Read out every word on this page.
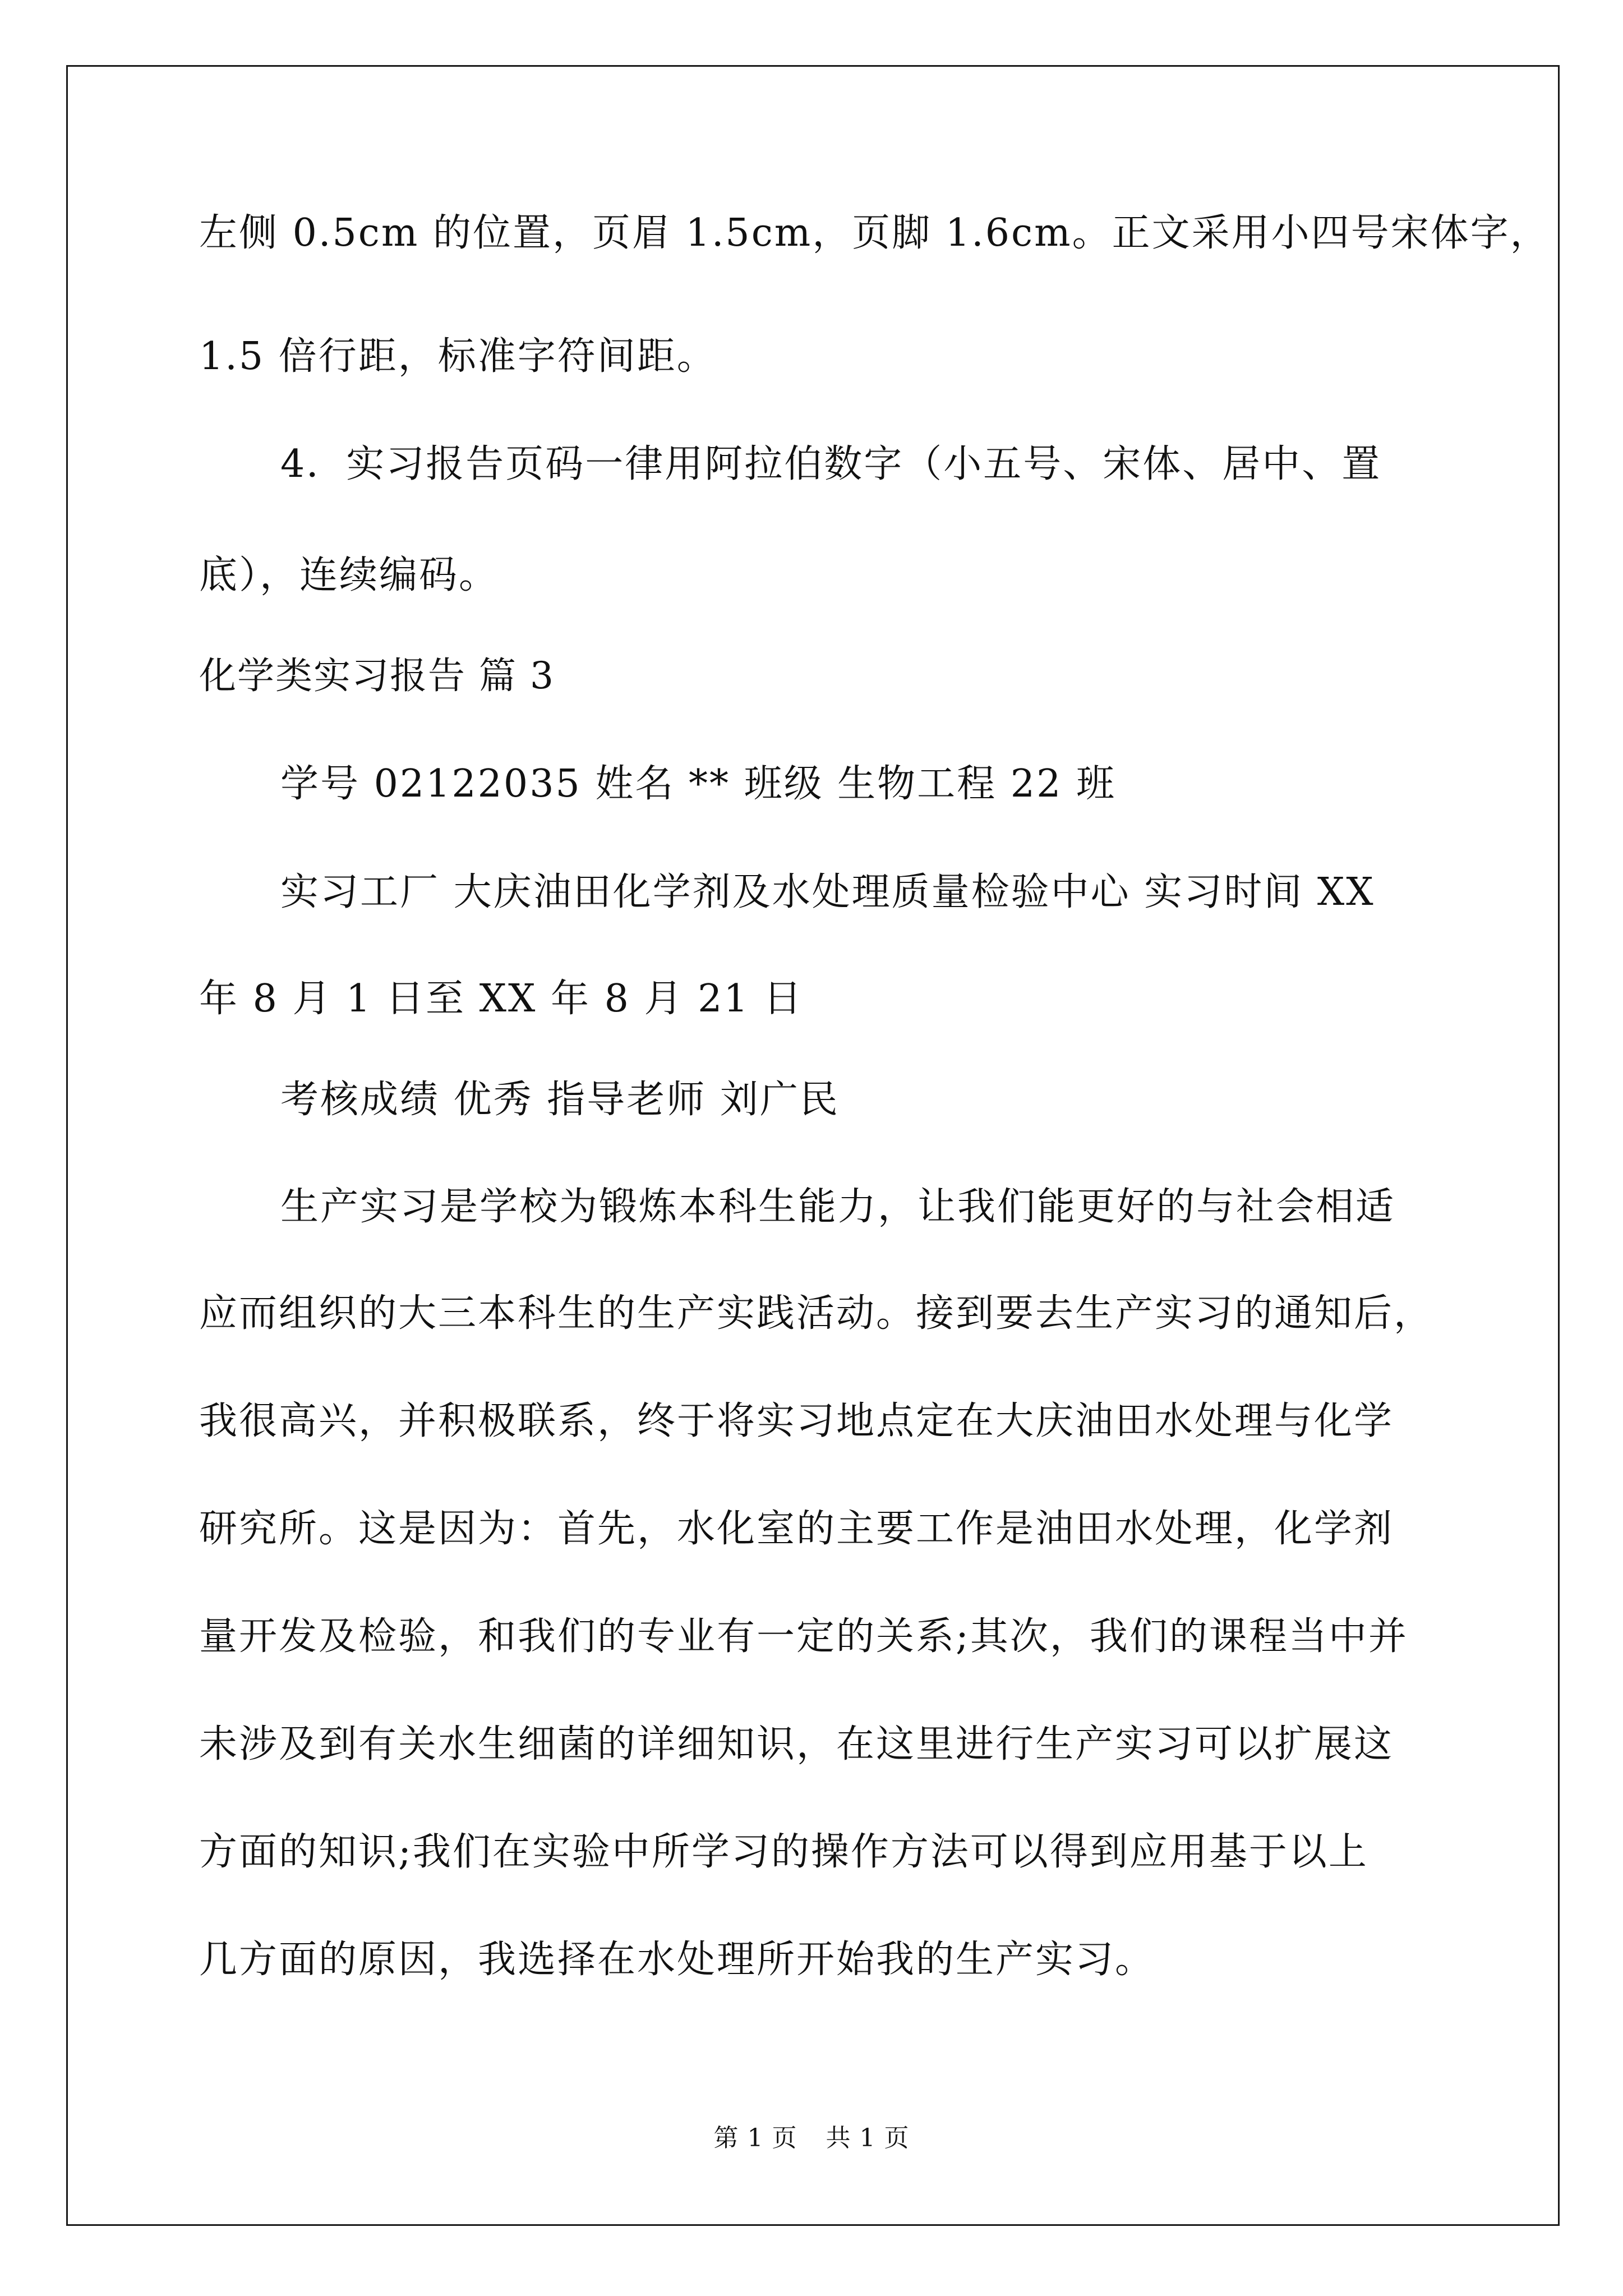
左侧 0.5cm 的位置，页眉 1.5cm，页脚 1.6cm。正文采用小四号宋体字，
1.5 倍行距，标准字符间距。
4．实习报告页码一律用阿拉伯数字（小五号、宋体、居中、置
底），连续编码。
化学类实习报告 篇 3
学号 02122035 姓名 ** 班级 生物工程 22 班
实习工厂 大庆油田化学剂及水处理质量检验中心 实习时间 XX
年 8 月 1 日至 XX 年 8 月 21 日
考核成绩 优秀 指导老师 刘广民
生产实习是学校为锻炼本科生能力，让我们能更好的与社会相适
应而组织的大三本科生的生产实践活动。接到要去生产实习的通知后，
我很高兴，并积极联系，终于将实习地点定在大庆油田水处理与化学
研究所。这是因为：首先，水化室的主要工作是油田水处理，化学剂
量开发及检验，和我们的专业有一定的关系;其次，我们的课程当中并
未涉及到有关水生细菌的详细知识，在这里进行生产实习可以扩展这
方面的知识;我们在实验中所学习的操作方法可以得到应用基于以上
几方面的原因，我选择在水处理所开始我的生产实习。
第 1 页 共 1 页
